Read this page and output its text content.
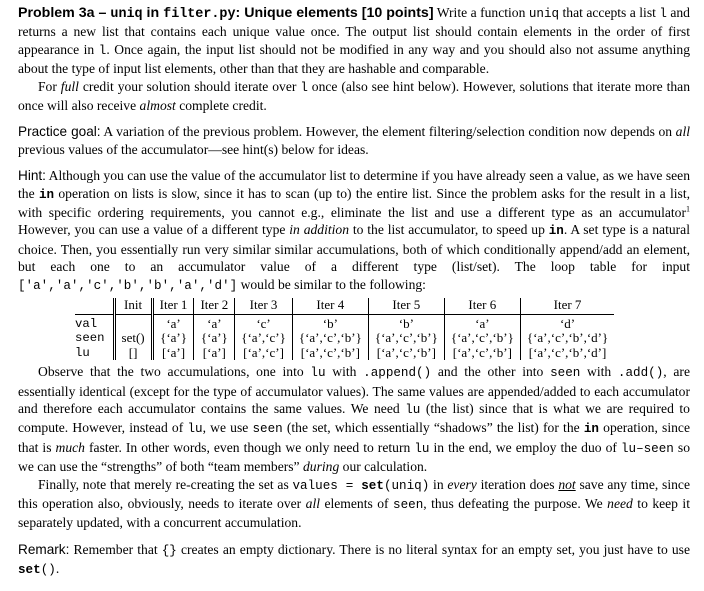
Problem 3a – uniq in filter.py: Unique elements [10 points] Write a function uniq that accepts a list l and returns a new list that contains each unique value once. The output list should contain elements in the order of first appearance in l. Once again, the input list should not be modified in any way and you should also not assume anything about the type of input list elements, other than that they are hashable and comparable.

For full credit your solution should iterate over l once (also see hint below). However, solutions that iterate more than once will also receive almost complete credit.

Practice goal: A variation of the previous problem. However, the element filtering/selection condition now depends on all previous values of the accumulator—see hint(s) below for ideas.

Hint: Although you can use the value of the accumulator list to determine if you have already seen a value, as we have seen the in operation on lists is slow, since it has to scan (up to) the entire list. Since the problem asks for the result in a list, with specific ordering requirements, you cannot e.g., eliminate the list and use a different type as an accumulator$^1$ However, you can use a value of a different type in addition to the list accumulator, to speed up in. A set type is a natural choice. Then, you essentially run very similar similar accumulations, both of which conditionally append/add an element, but each one to an accumulator value of a different type (list/set). The loop table for input ['a','a','c','b','b','a','d'] would be similar to the following:

	Init	Iter 1	Iter 2	Iter 3	Iter 4	Iter 5	Iter 6	Iter 7
val		‘a’	‘a’	‘c’	‘b’	‘b’	‘a’	‘d’
seen	set()	{‘a’}	{‘a’}	{‘a’,‘c’}	{‘a’,‘c’,‘b’}	{‘a’,‘c’,‘b’}	{‘a’,‘c’,‘b’}	{‘a’,‘c’,‘b’,‘d’}
lu	[]	[‘a’]	[‘a’]	[‘a’,‘c’]	[‘a’,‘c’,‘b’]	[‘a’,‘c’,‘b’]	[‘a’,‘c’,‘b’]	[‘a’,‘c’,‘b’,‘d’]

Observe that the two accumulations, one into lu with .append() and the other into seen with .add(), are essentially identical (except for the type of accumulator values). The same values are appended/added to each accumulator and therefore each accumulator contains the same values. We need lu (the list) since that is what we are required to compute. However, instead of lu, we use seen (the set, which essentially “shadows” the list) for the in operation, since that is much faster. In other words, even though we only need to return lu in the end, we employ the duo of lu–seen so we can use the “strengths” of both “team members” during our calculation.

Finally, note that merely re-creating the set as values = set(uniq) in every iteration does not save any time, since this operation also, obviously, needs to iterate over all elements of seen, thus defeating the purpose. We need to keep it separately updated, with a concurrent accumulation.

Remark: Remember that {} creates an empty dictionary. There is no literal syntax for an empty set, you just have to use set().
